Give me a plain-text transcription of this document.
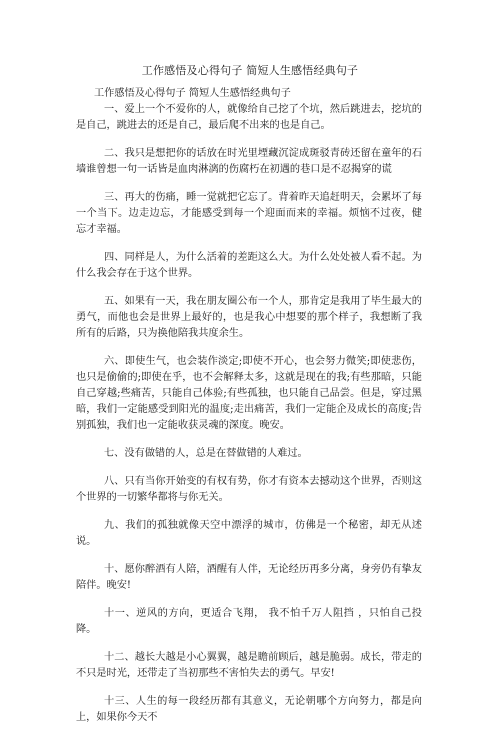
工作感悟及心得句子 简短人生感悟经典句子
工作感悟及心得句子 简短人生感悟经典句子

一、爱上一个不爱你的人，就像给自己挖了个坑，然后跳进去，挖坑的是自己，跳进去的还是自己，最后爬不出来的也是自己。

二、我只是想把你的话放在时光里堙藏沉淀成斑驳青砖还留在童年的石墙谁曾想一句一话皆是血肉淋漓的伤腐朽在初遇的巷口是不忍揭穿的谎

三、再大的伤痛，睡一觉就把它忘了。背着昨天追赶明天，会累坏了每一个当下。边走边忘，才能感受到每一个迎面而来的幸福。烦恼不过夜，健忘才幸福。

四、同样是人，为什么活着的差距这么大。为什么处处被人看不起。为什么我会存在于这个世界。

五、如果有一天，我在朋友圈公布一个人，那肯定是我用了毕生最大的勇气，而他也会是世界上最好的，也是我心中想要的那个样子，我想断了我所有的后路，只为换他陪我共度余生。

六、即使生气，也会装作淡定;即使不开心，也会努力微笑;即使悲伤，也只是偷偷的;即使在乎，也不会解释太多，这就是现在的我;有些那暗，只能自己穿越;些痛苦，只能自己体验;有些孤独，也只能自己品尝。但是，穿过黑暗，我们一定能感受到阳光的温度;走出痛苦，我们一定能企及成长的高度;告别孤独，我们也一定能收获灵魂的深度。晚安。

七、没有做错的人，总是在替做错的人难过。

八、只有当你开始变的有权有势，你才有资本去撼动这个世界，否则这个世界的一切繁华都将与你无关。

九、我们的孤独就像天空中漂浮的城市，仿佛是一个秘密，却无从述说。

十、愿你醉酒有人陪，酒醒有人伴，无论经历再多分离，身旁仍有挚友陪伴。晚安!

十一、逆风的方向，更适合飞翔， 我不怕千万人阻挡 ，只怕自己投降。

十二、越长大越是小心翼翼，越是瞻前顾后，越是脆弱。成长，带走的不只是时光，还带走了当初那些不害怕失去的勇气。早安!

十三、人生的每一段经历都有其意义，无论朝哪个方向努力，都是向上，如果你今天不
